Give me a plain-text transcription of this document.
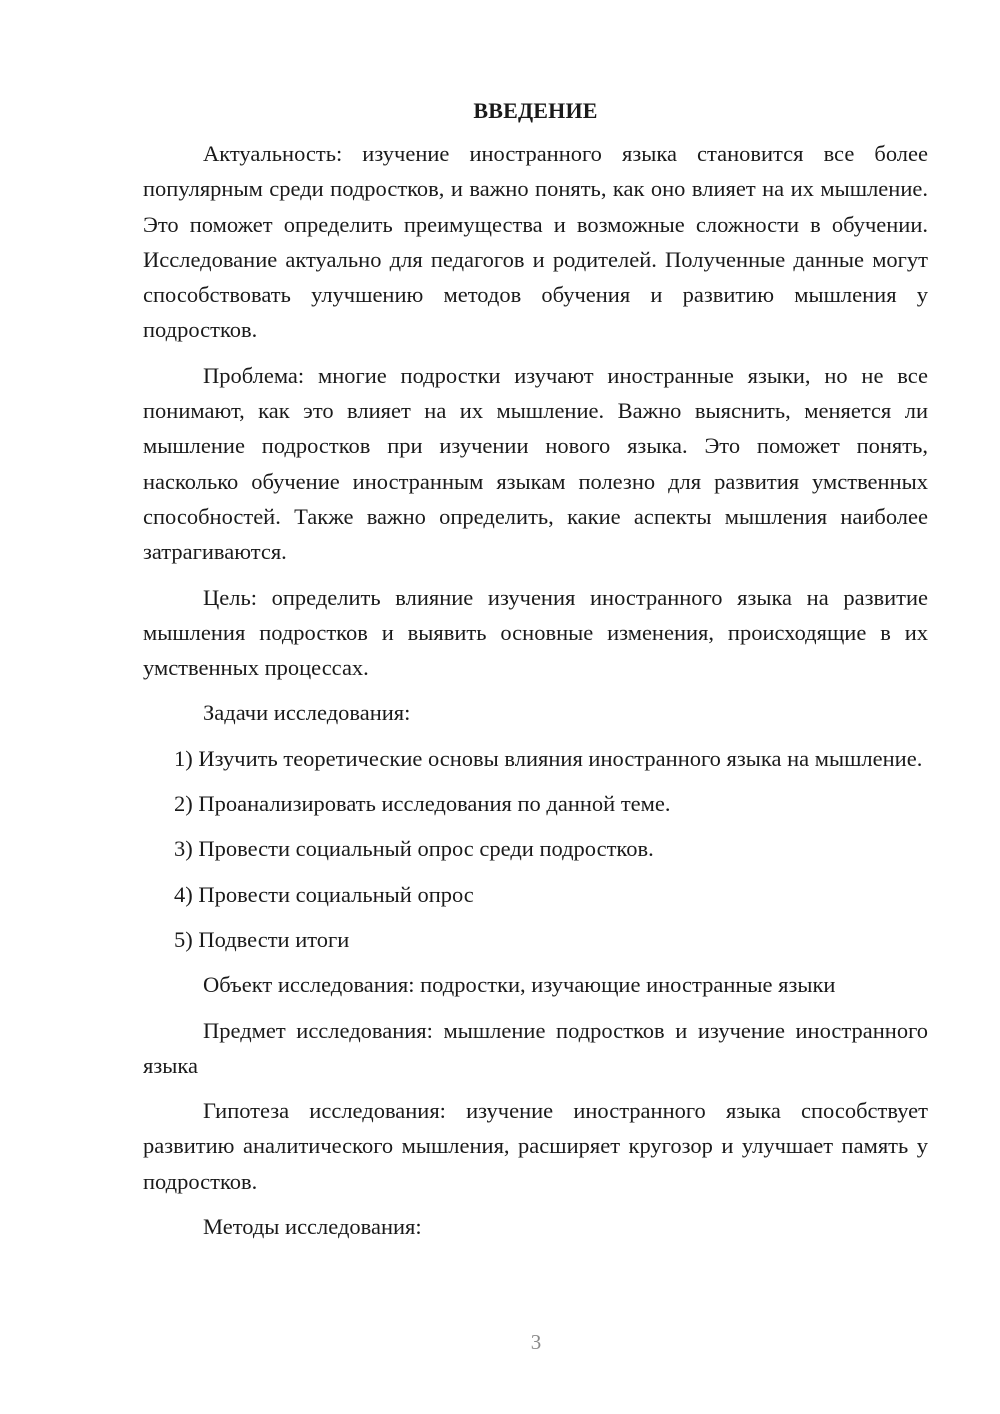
ВВЕДЕНИЕ

Актуальность: изучение иностранного языка становится все более популярным среди подростков, и важно понять, как оно влияет на их мышление. Это поможет определить преимущества и возможные сложности в обучении. Исследование актуально для педагогов и родителей. Полученные данные могут способствовать улучшению методов обучения и развитию мышления у подростков.

Проблема: многие подростки изучают иностранные языки, но не все понимают, как это влияет на их мышление. Важно выяснить, меняется ли мышление подростков при изучении нового языка. Это поможет понять, насколько обучение иностранным языкам полезно для развития умственных способностей. Также важно определить, какие аспекты мышления наиболее затрагиваются.

Цель: определить влияние изучения иностранного языка на развитие мышления подростков и выявить основные изменения, происходящие в их умственных процессах.

Задачи исследования:

1) Изучить теоретические основы влияния иностранного языка на мышление.

2) Проанализировать исследования по данной теме.

3) Провести социальный опрос среди подростков.

4) Провести социальный опрос

5) Подвести итоги

Объект исследования: подростки, изучающие иностранные языки

Предмет исследования: мышление подростков и изучение иностранного языка

Гипотеза исследования: изучение иностранного языка способствует развитию аналитического мышления, расширяет кругозор и улучшает память у подростков.

Методы исследования:

3
